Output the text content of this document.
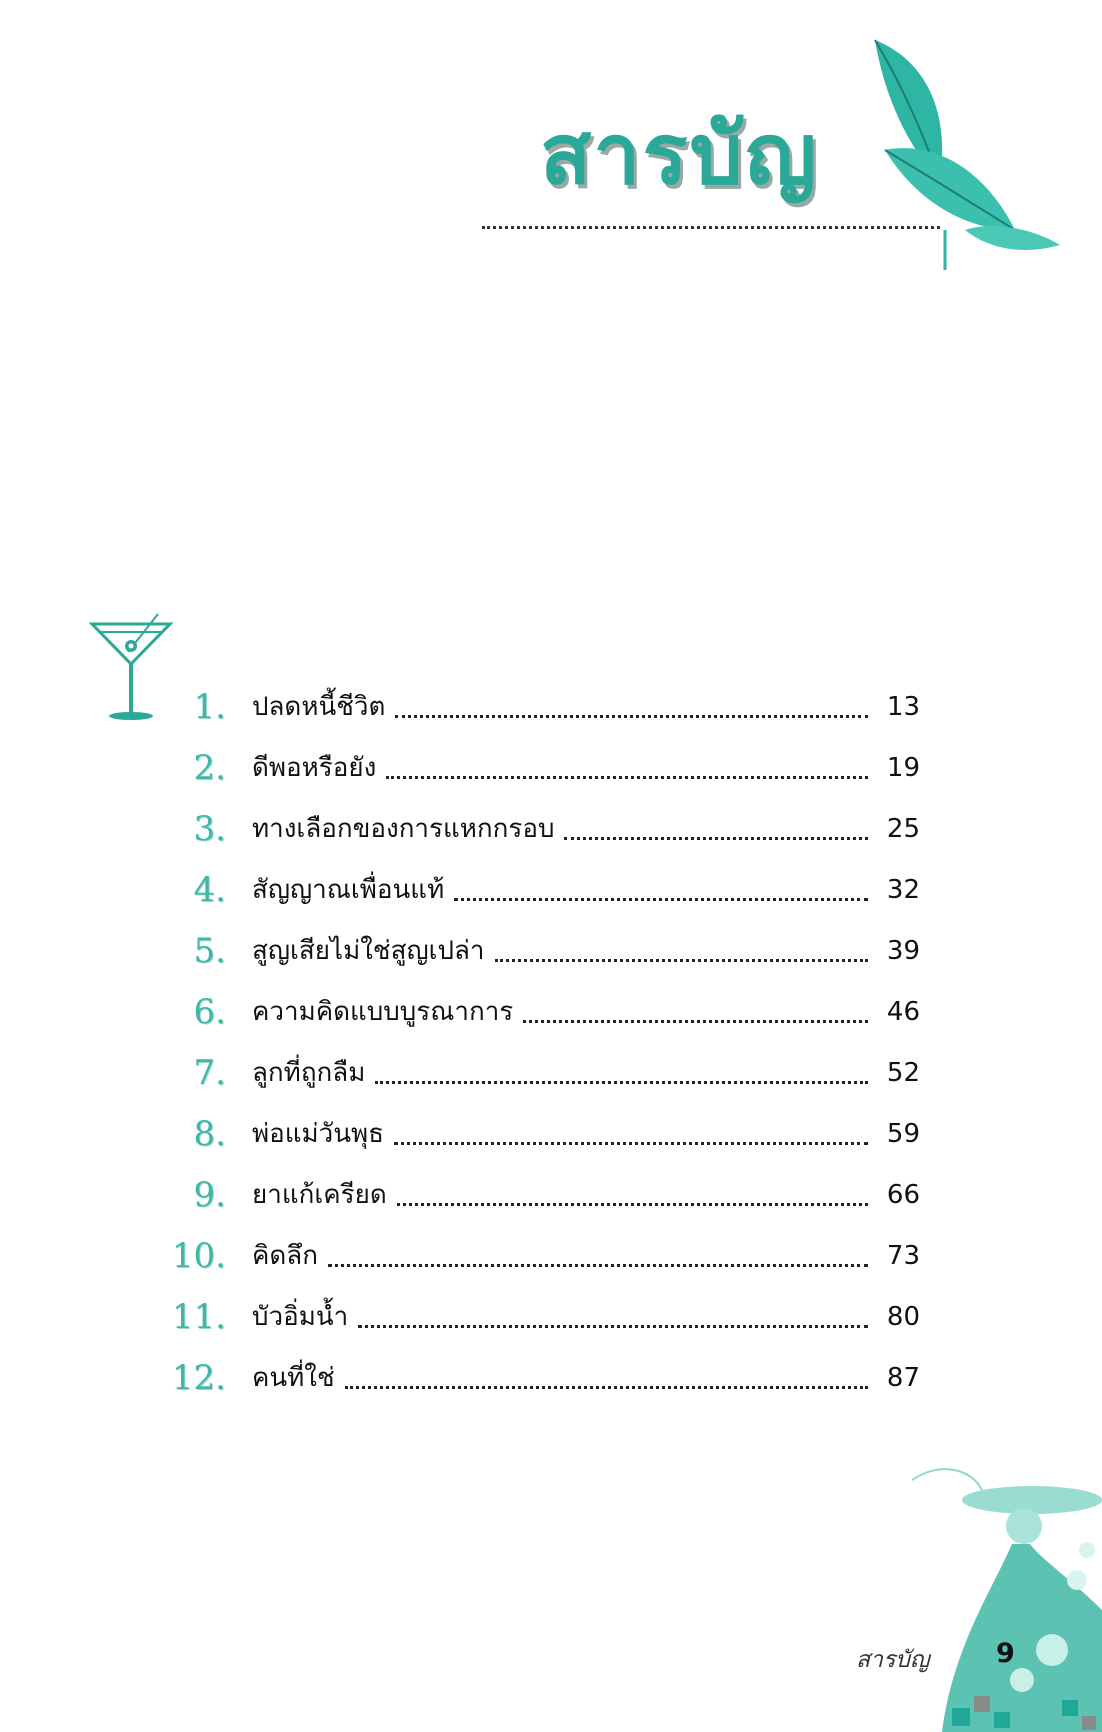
สารบัญ
1.	ปลดหนี้ชีวิต	13
2.	ดีพอหรือยัง	19
3.	ทางเลือกของการแหกกรอบ	25
4.	สัญญาณเพื่อนแท้	32
5.	สูญเสียไม่ใช่สูญเปล่า	39
6.	ความคิดแบบบูรณาการ	46
7.	ลูกที่ถูกลืม	52
8.	พ่อแม่วันพุธ	59
9.	ยาแก้เครียด	66
10.	คิดลึก	73
11.	บัวอิ่มน้ำ	80
12.	คนที่ใช่	87
สารบัญ 9
